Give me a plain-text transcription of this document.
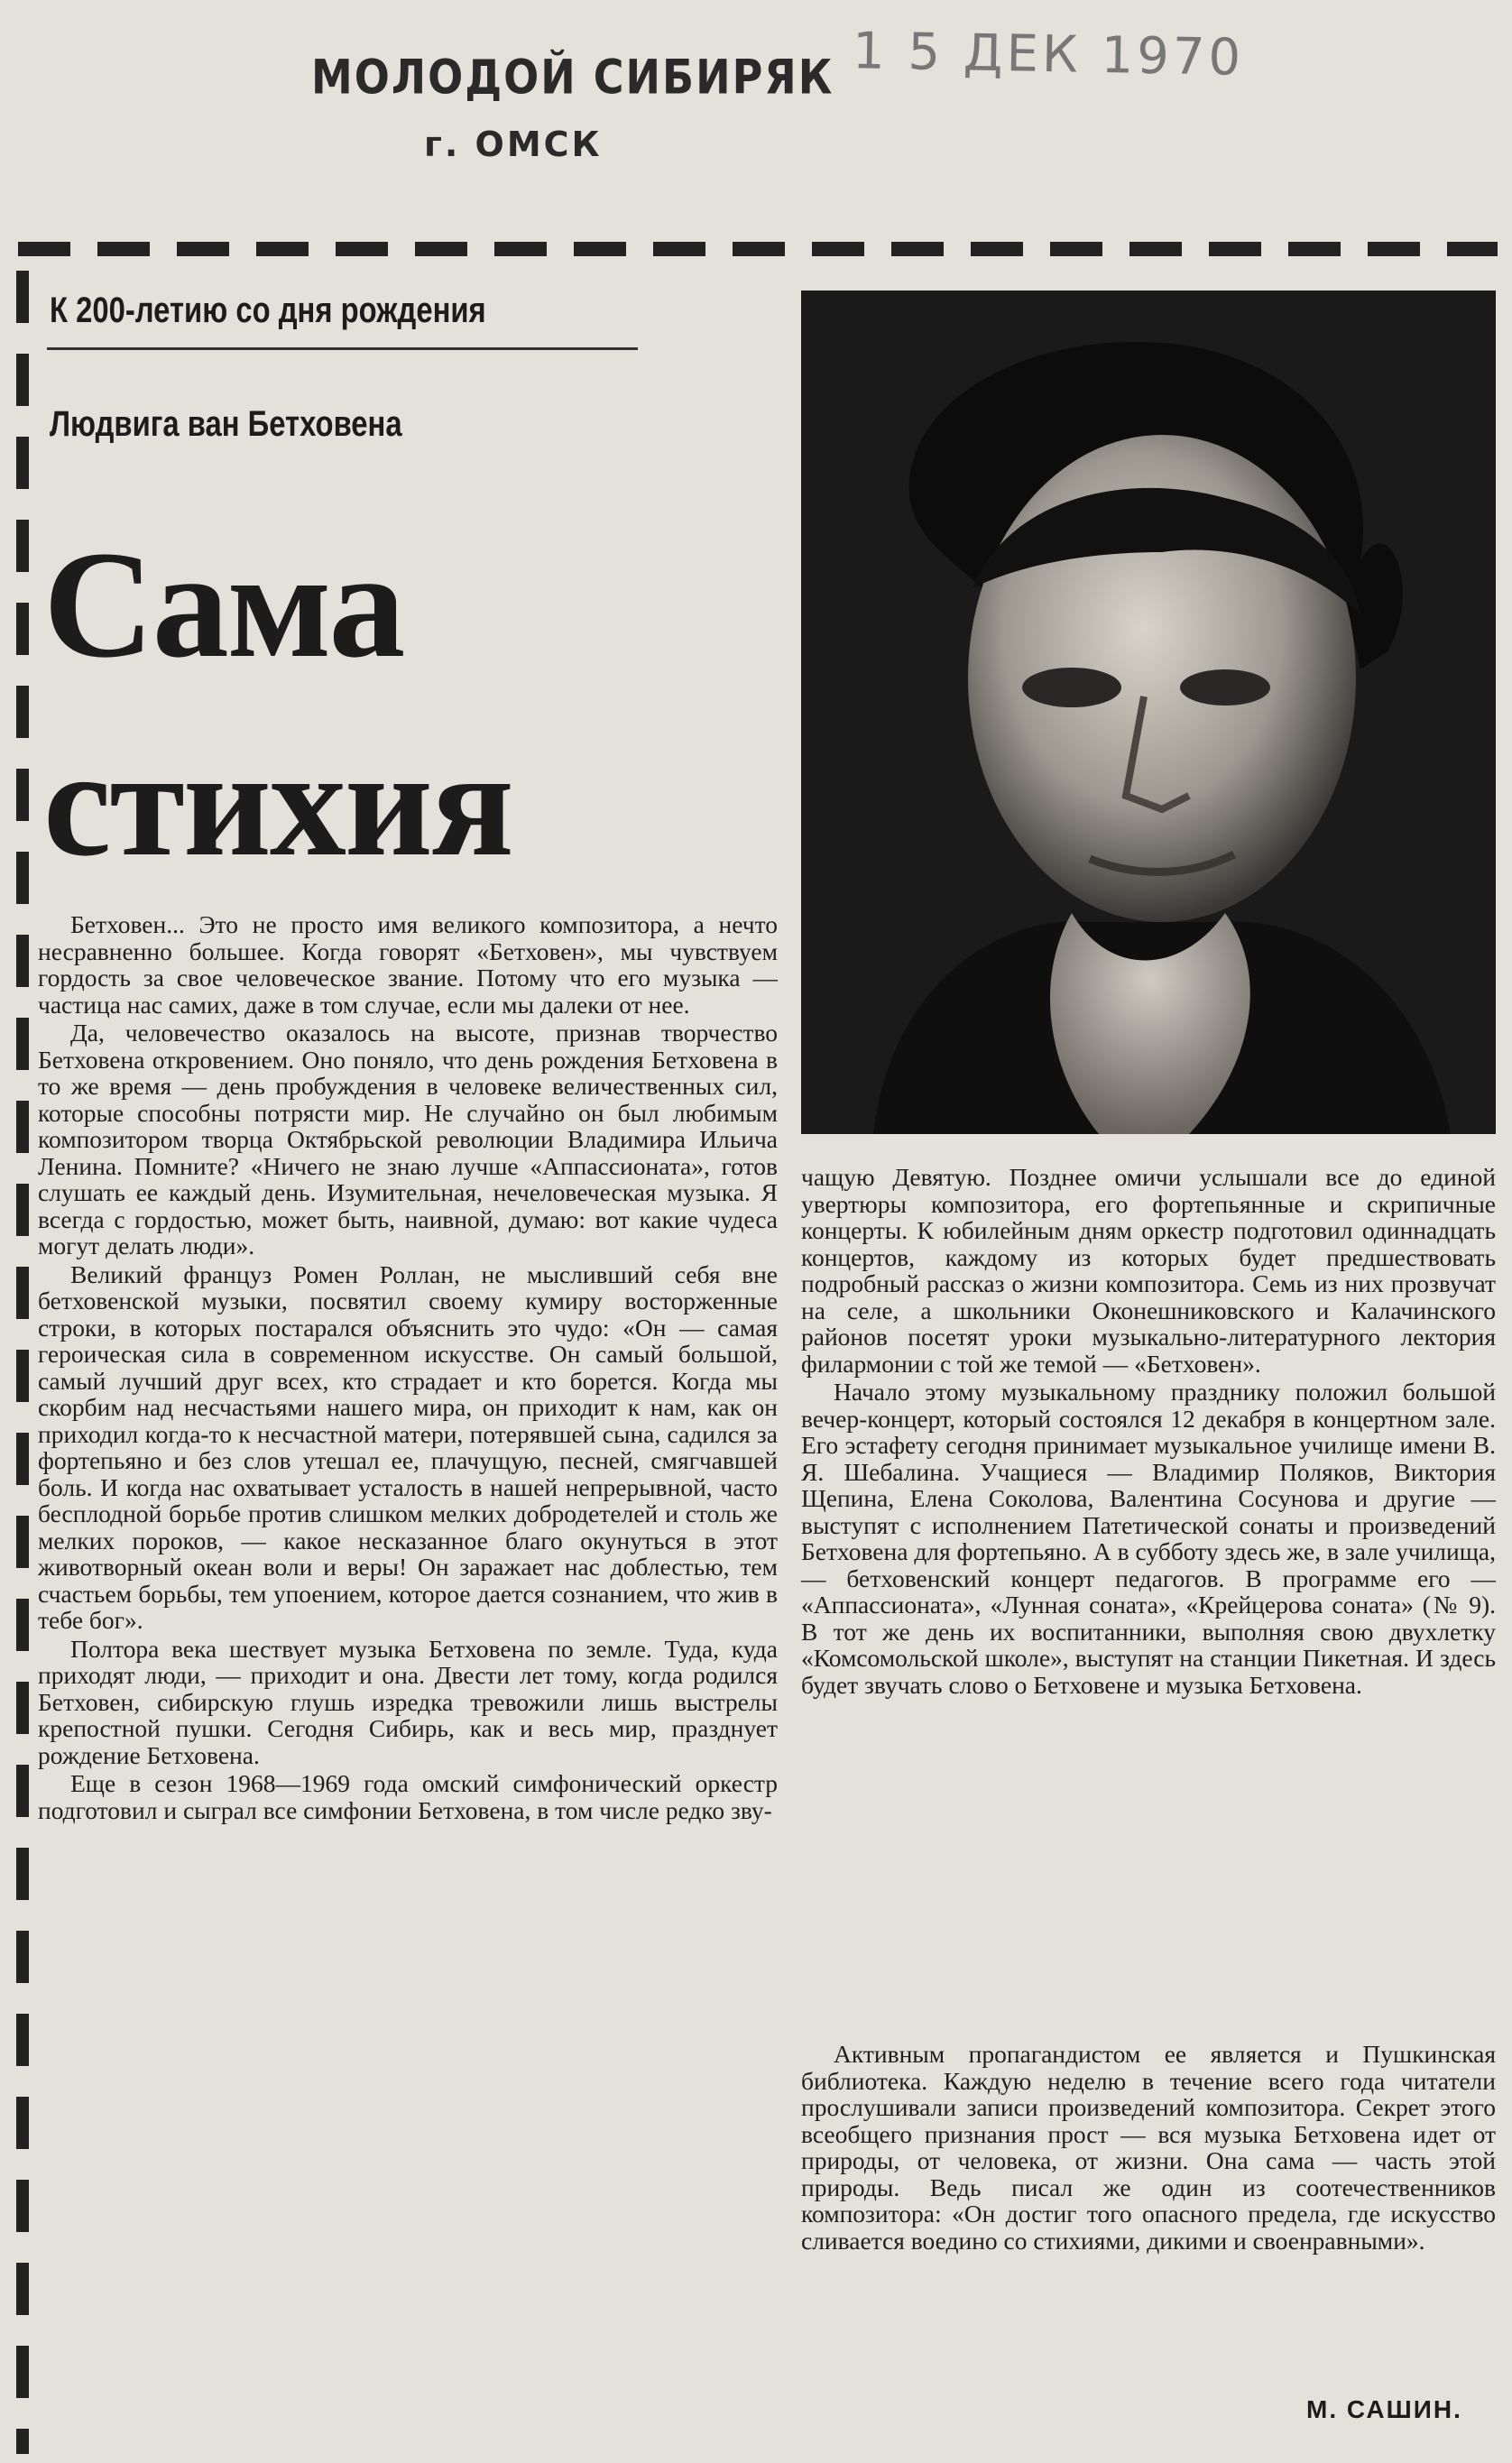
МОЛОДОЙ СИБИРЯК
г. ОМСК
1 5 ДЕК 1970
К 200-летию со дня рождения
Людвига ван Бетховена
Сама
стихия

Бетховен... Это не просто имя великого композитора, а нечто несравненно большее. Когда говорят «Бетховен», мы чувствуем гордость за свое человеческое звание. Потому что его музыка — частица нас самих, даже в том случае, если мы далеки от нее.

Да, человечество оказалось на высоте, признав творчество Бетховена откровением. Оно поняло, что день рождения Бетховена в то же время — день пробуждения в человеке величественных сил, которые способны потрясти мир. Не случайно он был любимым композитором творца Октябрьской революции Владимира Ильича Ленина. Помните? «Ничего не знаю лучше «Аппассионата», готов слушать ее каждый день. Изумительная, нечеловеческая музыка. Я всегда с гордостью, может быть, наивной, думаю: вот какие чудеса могут делать люди».

Великий француз Ромен Роллан, не мысливший себя вне бетховенской музыки, посвятил своему кумиру восторженные строки, в которых постарался объяснить это чудо: «Он — самая героическая сила в современном искусстве. Он самый большой, самый лучший друг всех, кто страдает и кто борется. Когда мы скорбим над несчастьями нашего мира, он приходит к нам, как он приходил когда-то к несчастной матери, потерявшей сына, садился за фортепьяно и без слов утешал ее, плачущую, песней, смягчавшей боль. И когда нас охватывает усталость в нашей непрерывной, часто бесплодной борьбе против слишком мелких добродетелей и столь же мелких пороков, — какое несказанное благо окунуться в этот животворный океан воли и веры! Он заражает нас доблестью, тем счастьем борьбы, тем упоением, которое дается сознанием, что жив в тебе бог».

Полтора века шествует музыка Бетховена по земле. Туда, куда приходят люди, — приходит и она. Двести лет тому, когда родился Бетховен, сибирскую глушь изредка тревожили лишь выстрелы крепостной пушки. Сегодня Сибирь, как и весь мир, празднует рождение Бетховена.

Еще в сезон 1968—1969 года омский симфонический оркестр подготовил и сыграл все симфонии Бетховена, в том числе редко зву-

чащую Девятую. Позднее омичи услышали все до единой увертюры композитора, его фортепьянные и скрипичные концерты. К юбилейным дням оркестр подготовил одиннадцать концертов, каждому из которых будет предшествовать подробный рассказ о жизни композитора. Семь из них прозвучат на селе, а школьники Оконешниковского и Калачинского районов посетят уроки музыкально-литературного лектория филармонии с той же темой — «Бетховен».

Начало этому музыкальному празднику положил большой вечер-концерт, который состоялся 12 декабря в концертном зале. Его эстафету сегодня принимает музыкальное училище имени В. Я. Шебалина. Учащиеся — Владимир Поляков, Виктория Щепина, Елена Соколова, Валентина Сосунова и другие — выступят с исполнением Патетической сонаты и произведений Бетховена для фортепьяно. А в субботу здесь же, в зале училища, — бетховенский концерт педагогов. В программе его — «Аппассионата», «Лунная соната», «Крейцерова соната» (№ 9). В тот же день их воспитанники, выполняя свою двухлетку «Комсомольской школе», выступят на станции Пикетная. И здесь будет звучать слово о Бетховене и музыка Бетховена.

Активным пропагандистом ее является и Пушкинская библиотека. Каждую неделю в течение всего года читатели прослушивали записи произведений композитора. Секрет этого всеобщего признания прост — вся музыка Бетховена идет от природы, от человека, от жизни. Она сама — часть этой природы. Ведь писал же один из соотечественников композитора: «Он достиг того опасного предела, где искусство сливается воедино со стихиями, дикими и своенравными».

М. САШИН.
